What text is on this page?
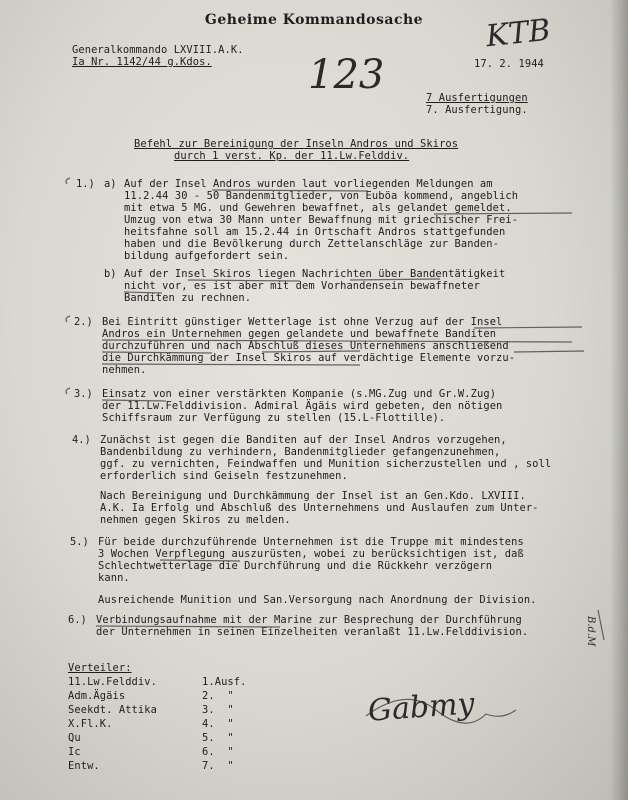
Geheime Kommandosache
Generalkommando LXVIII.A.K.
Ia Nr. 1142/44 g.Kdos.	17. 2. 1944
123
KTB
7 Ausfertigungen
7. Ausfertigung.
Befehl zur Bereinigung der Inseln Andros und Skiros
durch 1 verst. Kp. der 11.Lw.Felddiv.
1.) a) Auf der Insel Andros wurden laut vorliegenden Meldungen am
11.2.44 30 - 50 Bandenmitglieder, von Euböa kommend, angeblich
mit etwa 5 MG. und Gewehren bewaffnet, als gelandet gemeldet.
Umzug von etwa 30 Mann unter Bewaffnung mit griechischer Frei-
heitsfahne soll am 15.2.44 in Ortschaft Andros stattgefunden
haben und die Bevölkerung durch Zettelanschläge zur Banden-
bildung aufgefordert sein.
b) Auf der Insel Skiros liegen Nachrichten über Bandentätigkeit
nicht vor, es ist aber mit dem Vorhandensein bewaffneter
Banditen zu rechnen.
2.) Bei Eintritt günstiger Wetterlage ist ohne Verzug auf der Insel
Andros ein Unternehmen gegen gelandete und bewaffnete Banditen
durchzuführen und nach Abschluß dieses Unternehmens anschließend
die Durchkämmung der Insel Skiros auf verdächtige Elemente vorzu-
nehmen.
3.) Einsatz von einer verstärkten Kompanie (s.MG.Zug und Gr.W.Zug)
der 11.Lw.Felddivision. Admiral Ägäis wird gebeten, den nötigen
Schiffsraum zur Verfügung zu stellen (15.L-Flottille).
4.) Zunächst ist gegen die Banditen auf der Insel Andros vorzugehen,
Bandenbildung zu verhindern, Bandenmitglieder gefangenzunehmen,
ggf. zu vernichten, Feindwaffen und Munition sicherzustellen und , soll
erforderlich sind Geiseln festzunehmen.
Nach Bereinigung und Durchkämmung der Insel ist an Gen.Kdo. LXVIII.
A.K. Ia Erfolg und Abschluß des Unternehmens und Auslaufen zum Unter-
nehmen gegen Skiros zu melden.
5.) Für beide durchzuführende Unternehmen ist die Truppe mit mindestens
3 Wochen Verpflegung auszurüsten, wobei zu berücksichtigen ist, daß
Schlechtwetterlage die Durchführung und die Rückkehr verzögern
kann.
Ausreichende Munition und San.Versorgung nach Anordnung der Division.
6.) Verbindungsaufnahme mit der Marine zur Besprechung der Durchführung
der Unternehmen in seinen Einzelheiten veranlaßt 11.Lw.Felddivision.	B.d.M
Verteiler:
11.Lw.Felddiv.	1.Ausf.
Adm.Ägäis	2.  "
Seekdt. Attika	3.  "
X.Fl.K.	4.  "
Qu	5.  "
Ic	6.  "
Entw.	7.  "
Gabmy
